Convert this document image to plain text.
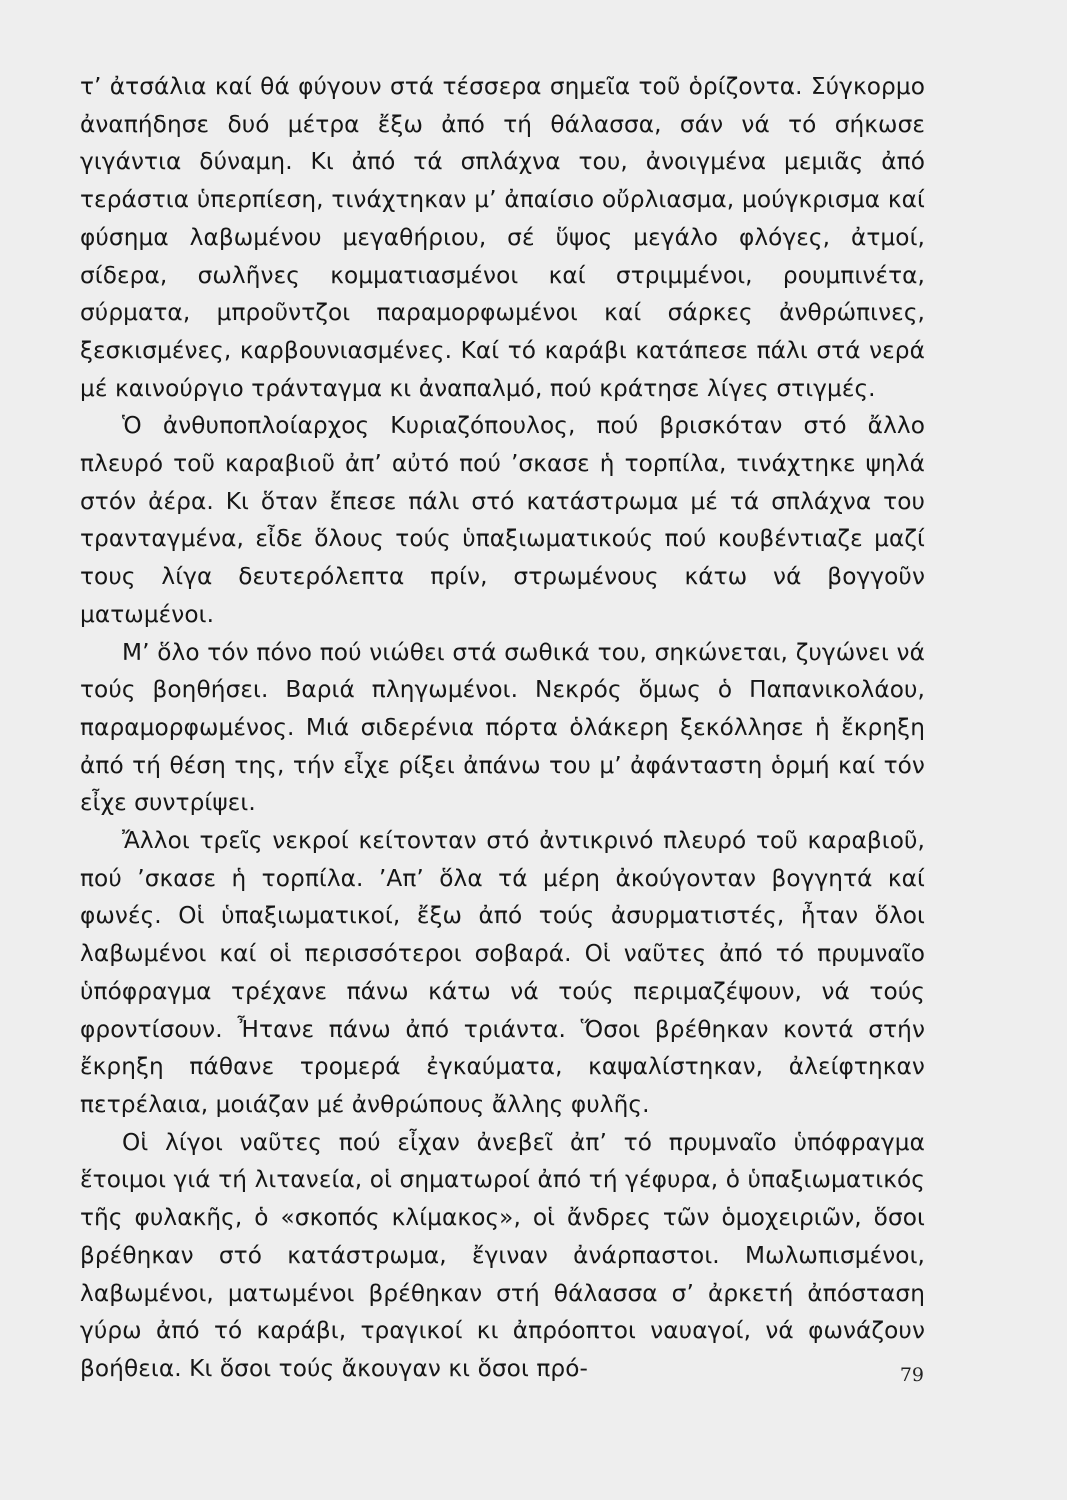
τ’ ἀτσάλια καί θά φύγουν στά τέσσερα σημεῖα τοῦ ὁρίζοντα. Σύγκορμο ἀναπήδησε δυό μέτρα ἔξω ἀπό τή θάλασσα, σάν νά τό σήκωσε γιγάντια δύναμη. Κι ἀπό τά σπλάχνα του, ἀνοιγμένα μεμιᾶς ἀπό τεράστια ὑπερπίεση, τινάχτηκαν μ’ ἀπαίσιο οὔρλιασμα, μούγκρισμα καί φύσημα λαβωμένου μεγαθήριου, σέ ὕψος μεγάλο φλόγες, ἀτμοί, σίδερα, σωλῆνες κομματιασμένοι καί στριμμένοι, ρουμπινέτα, σύρματα, μπροῦντζοι παραμορφωμένοι καί σάρκες ἀνθρώπινες, ξεσκισμένες, καρβουνιασμένες. Καί τό καράβι κατάπεσε πάλι στά νερά μέ καινούργιο τράνταγμα κι ἀναπαλμό, πού κράτησε λίγες στιγμές.

Ὁ ἀνθυποπλοίαρχος Κυριαζόπουλος, πού βρισκόταν στό ἄλλο πλευρό τοῦ καραβιοῦ ἀπ’ αὐτό πού ’σκασε ἡ τορπίλα, τινάχτηκε ψηλά στόν ἀέρα. Κι ὅταν ἔπεσε πάλι στό κατάστρωμα μέ τά σπλάχνα του τρανταγμένα, εἶδε ὅλους τούς ὑπαξιωματικούς πού κουβέντιαζε μαζί τους λίγα δευτερόλεπτα πρίν, στρωμένους κάτω νά βογγοῦν ματωμένοι.

Μ’ ὅλο τόν πόνο πού νιώθει στά σωθικά του, σηκώνεται, ζυγώνει νά τούς βοηθήσει. Βαριά πληγωμένοι. Νεκρός ὅμως ὁ Παπανικολάου, παραμορφωμένος. Μιά σιδερένια πόρτα ὁλάκερη ξεκόλλησε ἡ ἔκρηξη ἀπό τή θέση της, τήν εἶχε ρίξει ἀπάνω του μ’ ἀφάνταστη ὁρμή καί τόν εἶχε συντρίψει.

Ἄλλοι τρεῖς νεκροί κείτονταν στό ἀντικρινό πλευρό τοῦ καραβιοῦ, πού ’σκασε ἡ τορπίλα. ’Απ’ ὅλα τά μέρη ἀκούγονταν βογγητά καί φωνές. Οἱ ὑπαξιωματικοί, ἔξω ἀπό τούς ἀσυρματιστές, ἦταν ὅλοι λαβωμένοι καί οἱ περισσότεροι σοβαρά. Οἱ ναῦτες ἀπό τό πρυμναῖο ὑπόφραγμα τρέχανε πάνω κάτω νά τούς περιμαζέψουν, νά τούς φροντίσουν. Ἦτανε πάνω ἀπό τριάντα. Ὅσοι βρέθηκαν κοντά στήν ἔκρηξη πάθανε τρομερά ἐγκαύματα, καψαλίστηκαν, ἀλείφτηκαν πετρέλαια, μοιάζαν μέ ἀνθρώπους ἄλλης φυλῆς.

Οἱ λίγοι ναῦτες πού εἶχαν ἀνεβεῖ ἀπ’ τό πρυμναῖο ὑπόφραγμα ἕτοιμοι γιά τή λιτανεία, οἱ σηματωροί ἀπό τή γέφυρα, ὁ ὑπαξιωματικός τῆς φυλακῆς, ὁ «σκοπός κλίμακος», οἱ ἄνδρες τῶν ὁμοχειριῶν, ὅσοι βρέθηκαν στό κατάστρωμα, ἔγιναν ἀνάρπαστοι. Μωλωπισμένοι, λαβωμένοι, ματωμένοι βρέθηκαν στή θάλασσα σ’ ἀρκετή ἀπόσταση γύρω ἀπό τό καράβι, τραγικοί κι ἀπρόοπτοι ναυαγοί, νά φωνάζουν βοήθεια. Κι ὅσοι τούς ἄκουγαν κι ὅσοι πρό-	79
